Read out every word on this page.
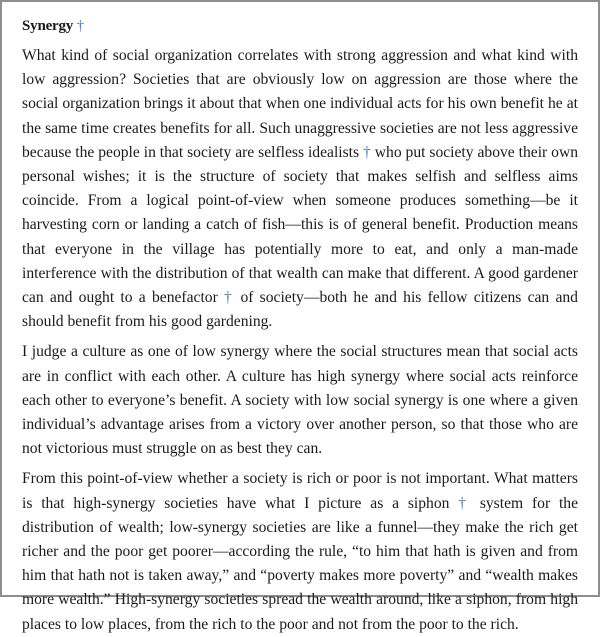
Synergy †

What kind of social organization correlates with strong aggression and what kind with low aggression? Societies that are obviously low on aggression are those where the social organization brings it about that when one individual acts for his own benefit he at the same time creates benefits for all. Such unaggressive societies are not less aggressive because the people in that society are selfless idealists † who put society above their own personal wishes; it is the structure of society that makes selfish and selfless aims coincide. From a logical point-of-view when someone produces something—be it harvesting corn or landing a catch of fish—this is of general benefit. Production means that everyone in the village has potentially more to eat, and only a man-made interference with the distribution of that wealth can make that different. A good gardener can and ought to a benefactor † of society—both he and his fellow citizens can and should benefit from his good gardening.

I judge a culture as one of low synergy where the social structures mean that social acts are in conflict with each other. A culture has high synergy where social acts reinforce each other to everyone’s benefit. A society with low social synergy is one where a given individual’s advantage arises from a victory over another person, so that those who are not victorious must struggle on as best they can.

From this point-of-view whether a society is rich or poor is not important. What matters is that high-synergy societies have what I picture as a siphon † system for the distribution of wealth; low-synergy societies are like a funnel—they make the rich get richer and the poor get poorer—according the rule, “to him that hath is given and from him that hath not is taken away,” and “poverty makes more poverty” and “wealth makes more wealth.” High-synergy societies spread the wealth around, like a siphon, from high places to low places, from the rich to the poor and not from the poor to the rich.
